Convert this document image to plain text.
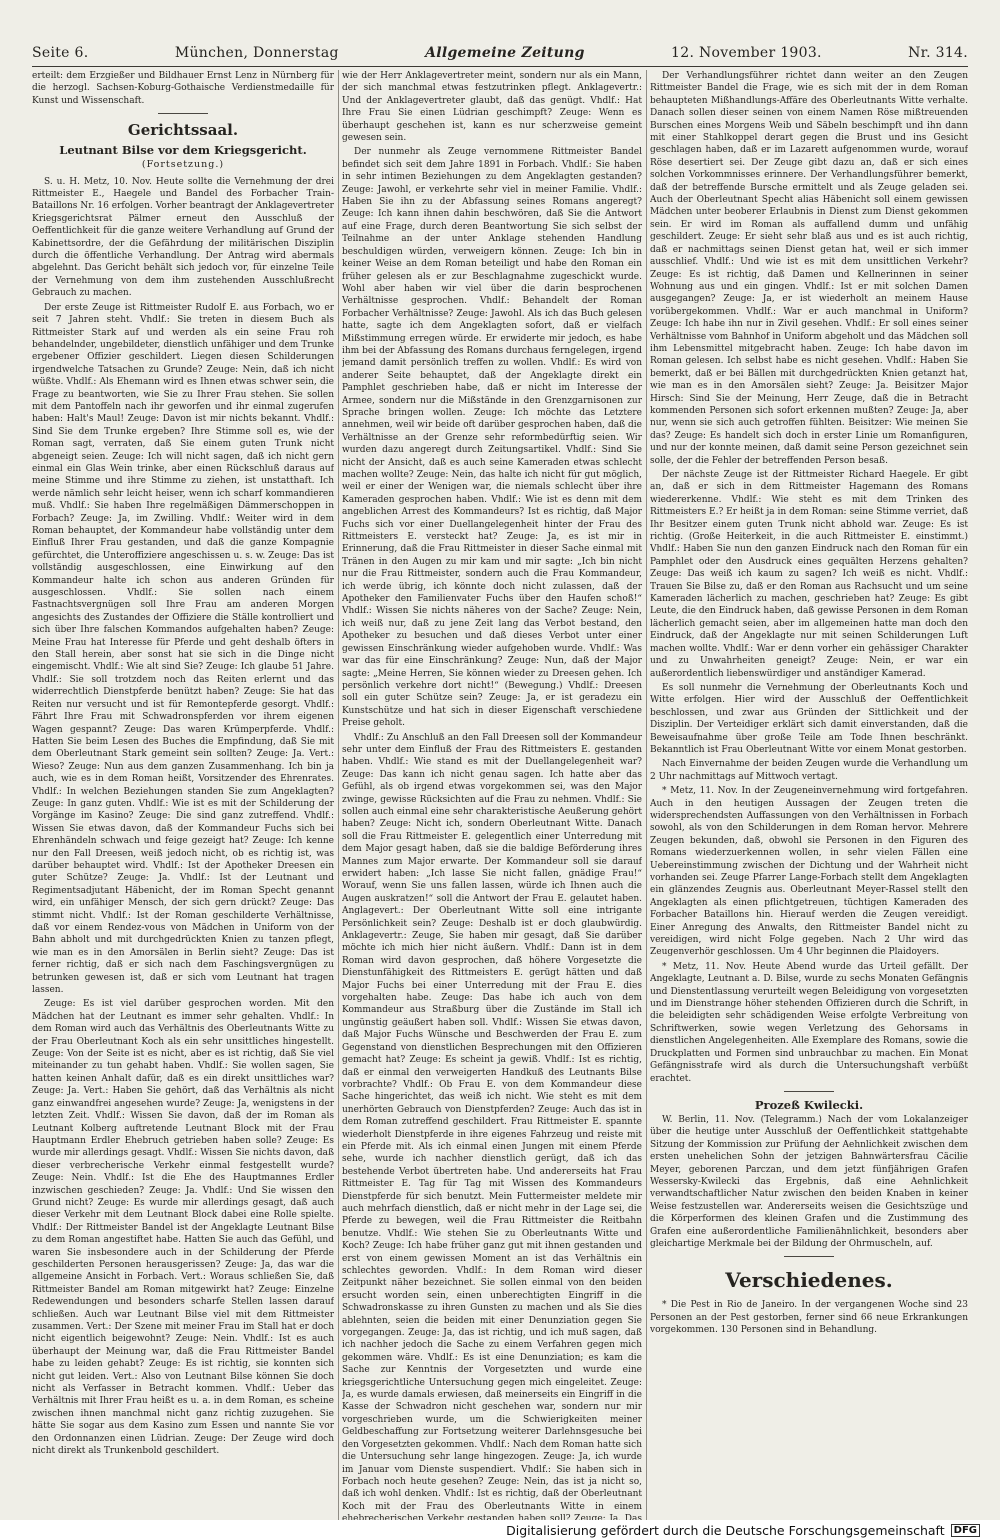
Seite 6.	München, Donnerstag	Allgemeine Zeitung	12. November 1903.	Nr. 314.

erteilt: dem Erzgießer und Bildhauer Ernst Lenz in Nürnberg für die herzogl. Sachsen-Koburg-Gothaische Verdienstmedaille für Kunst und Wissenschaft.

Gerichtssaal.
Leutnant Bilse vor dem Kriegsgericht.
(Fortsetzung.)

S. u. H. Metz, 10. Nov. Heute sollte die Vernehmung der drei Rittmeister E., Haegele und Bandel des Forbacher Train-Bataillons Nr. 16 erfolgen. Vorher beantragt der Anklagevertreter Kriegsgerichtsrat Pälmer erneut den Ausschluß der Oeffentlichkeit für die ganze weitere Verhandlung auf Grund der Kabinettsordre, der die Gefährdung der militärischen Disziplin durch die öffentliche Verhandlung. Der Antrag wird abermals abgelehnt. Das Gericht behält sich jedoch vor, für einzelne Teile der Vernehmung von dem ihm zustehenden Ausschlußrecht Gebrauch zu machen.

Der erste Zeuge ist Rittmeister Rudolf E. aus Forbach, wo er seit 7 Jahren steht. Vhdlf.: Sie treten in diesem Buch als Rittmeister Stark auf und werden als ein seine Frau roh behandelnder, ungebildeter, dienstlich unfähiger und dem Trunke ergebener Offizier geschildert. Liegen diesen Schilderungen irgendwelche Tatsachen zu Grunde? Zeuge: Nein, daß ich nicht wüßte. Vhdlf.: Als Ehemann wird es Ihnen etwas schwer sein, die Frage zu beantworten, wie Sie zu Ihrer Frau stehen. Sie sollen mit dem Pantoffeln nach ihr geworfen und ihr einmal zugerufen haben: Halt's Maul! Zeuge: Davon ist mir nichts bekannt. Vhdlf.: Sind Sie dem Trunke ergeben? Ihre Stimme soll es, wie der Roman sagt, verraten, daß Sie einem guten Trunk nicht abgeneigt seien. Zeuge: Ich will nicht sagen, daß ich nicht gern einmal ein Glas Wein trinke, aber einen Rückschluß daraus auf meine Stimme und ihre Stimme zu ziehen, ist unstatthaft. Ich werde nämlich sehr leicht heiser, wenn ich scharf kommandieren muß. Vhdlf.: Sie haben Ihre regelmäßigen Dämmerschoppen in Forbach? Zeuge: Ja, im Zwilling. Vhdlf.: Weiter wird in dem Roman behauptet, der Kommandeur habe vollständig unter dem Einfluß Ihrer Frau gestanden, und daß die ganze Kompagnie gefürchtet, die Unteroffiziere angeschissen u. s. w. Zeuge: Das ist vollständig ausgeschlossen, eine Einwirkung auf den Kommandeur halte ich schon aus anderen Gründen für ausgeschlossen. Vhdlf.: Sie sollen nach einem Fastnachtsvergnügen soll Ihre Frau am anderen Morgen angesichts des Zustandes der Offiziere die Ställe kontrolliert und sich über Ihre falschen Kommandos aufgehalten haben? Zeuge: Meine Frau hat Interesse für Pferde und geht deshalb öfters in den Stall herein, aber sonst hat sie sich in die Dinge nicht eingemischt. Vhdlf.: Wie alt sind Sie? Zeuge: Ich glaube 51 Jahre. Vhdlf.: Sie soll trotzdem noch das Reiten erlernt und das widerrechtlich Dienstpferde benützt haben? Zeuge: Sie hat das Reiten nur versucht und ist für Remontepferde gesorgt. Vhdlf.: Fährt Ihre Frau mit Schwadronspferden vor ihrem eigenen Wagen gespannt? Zeuge: Das waren Krümperpferde. Vhdlf.: Hatten Sie beim Lesen des Buches die Empfindung, daß Sie mit dem Oberleutnant Stark gemeint sein sollten? Zeuge: Ja. Vert.: Wieso? Zeuge: Nun aus dem ganzen Zusammenhang. Ich bin ja auch, wie es in dem Roman heißt, Vorsitzender des Ehrenrates. Vhdlf.: In welchen Beziehungen standen Sie zum Angeklagten? Zeuge: In ganz guten. Vhdlf.: Wie ist es mit der Schilderung der Vorgänge im Kasino? Zeuge: Die sind ganz zutreffend. Vhdlf.: Wissen Sie etwas davon, daß der Kommandeur Fuchs sich bei Ehrenhändeln schwach und feige gezeigt hat? Zeuge: Ich kenne nur den Fall Dreesen, weiß jedoch nicht, ob es richtig ist, was darüber behauptet wird. Vhdlf.: Ist der Apotheker Dreesen ein guter Schütze? Zeuge: Ja. Vhdlf.: Ist der Leutnant und Regimentsadjutant Häbenicht, der im Roman Specht genannt wird, ein unfähiger Mensch, der sich gern drückt? Zeuge: Das stimmt nicht. Vhdlf.: Ist der Roman geschilderte Verhältnisse, daß vor einem Rendez-vous von Mädchen in Uniform von der Bahn abholt und mit durchgedrückten Knien zu tanzen pflegt, wie man es in den Amorsälen in Berlin sieht? Zeuge: Das ist ferner richtig, daß er sich nach dem Faschingsvergnügen zu betrunken gewesen ist, daß er sich vom Leutnant hat tragen lassen.

Zeuge: Es ist viel darüber gesprochen worden. Mit den Mädchen hat der Leutnant es immer sehr gehalten. Vhdlf.: In dem Roman wird auch das Verhältnis des Oberleutnants Witte zu der Frau Oberleutnant Koch als ein sehr unsittliches hingestellt. Zeuge: Von der Seite ist es nicht, aber es ist richtig, daß Sie viel miteinander zu tun gehabt haben. Vhdlf.: Sie wollen sagen, Sie hatten keinen Anhalt dafür, daß es ein direkt unsittliches war? Zeuge: Ja. Vert.: Haben Sie gehört, daß das Verhältnis als nicht ganz einwandfrei angesehen wurde? Zeuge: Ja, wenigstens in der letzten Zeit. Vhdlf.: Wissen Sie davon, daß der im Roman als Leutnant Kolberg auftretende Leutnant Block mit der Frau Hauptmann Erdler Ehebruch getrieben haben solle? Zeuge: Es wurde mir allerdings gesagt. Vhdlf.: Wissen Sie nichts davon, daß dieser verbrecherische Verkehr einmal festgestellt wurde? Zeuge: Nein. Vhdlf.: Ist die Ehe des Hauptmannes Erdler inzwischen geschieden? Zeuge: Ja. Vhdlf.: Und Sie wissen den Grund nicht? Zeuge: Es wurde mir allerdings gesagt, daß auch dieser Verkehr mit dem Leutnant Block dabei eine Rolle spielte. Vhdlf.: Der Rittmeister Bandel ist der Angeklagte Leutnant Bilse zu dem Roman angestiftet habe. Hatten Sie auch das Gefühl, und waren Sie insbesondere auch in der Schilderung der Pferde geschilderten Personen herausgerissen? Zeuge: Ja, das war die allgemeine Ansicht in Forbach. Vert.: Woraus schließen Sie, daß Rittmeister Bandel am Roman mitgewirkt hat? Zeuge: Einzelne Redewendungen und besonders scharfe Stellen lassen darauf schließen. Auch war Leutnant Bilse viel mit dem Rittmeister zusammen. Vert.: Der Szene mit meiner Frau im Stall hat er doch nicht eigentlich beigewohnt? Zeuge: Nein. Vhdlf.: Ist es auch überhaupt der Meinung war, daß die Frau Rittmeister Bandel habe zu leiden gehabt? Zeuge: Es ist richtig, sie konnten sich nicht gut leiden. Vert.: Also von Leutnant Bilse können Sie doch nicht als Verfasser in Betracht kommen. Vhdlf.: Ueber das Verhältnis mit Ihrer Frau heißt es u. a. in dem Roman, es scheine zwischen ihnen manchmal nicht ganz richtig zuzugehen. Sie hätte Sie sogar aus dem Kasino zum Essen und nannte Sie vor den Ordonnanzen einen Lüdrian. Zeuge: Der Zeuge wird doch nicht direkt als Trunkenbold geschildert.

wie der Herr Anklagevertreter meint, sondern nur als ein Mann, der sich manchmal etwas festzutrinken pflegt. Anklagevertr.: Und der Anklagevertreter glaubt, daß das genügt. Vhdlf.: Hat Ihre Frau Sie einen Lüdrian geschimpft? Zeuge: Wenn es überhaupt geschehen ist, kann es nur scherzweise gemeint gewesen sein.

Der nunmehr als Zeuge vernommene Rittmeister Bandel befindet sich seit dem Jahre 1891 in Forbach. Vhdlf.: Sie haben in sehr intimen Beziehungen zu dem Angeklagten gestanden? Zeuge: Jawohl, er verkehrte sehr viel in meiner Familie. Vhdlf.: Haben Sie ihn zu der Abfassung seines Romans angeregt? Zeuge: Ich kann ihnen dahin beschwören, daß Sie die Antwort auf eine Frage, durch deren Beantwortung Sie sich selbst der Teilnahme an der unter Anklage stehenden Handlung beschuldigen würden, verweigern können. Zeuge: Ich bin in keiner Weise an dem Roman beteiligt und habe den Roman ein früher gelesen als er zur Beschlagnahme zugeschickt wurde. Wohl aber haben wir viel über die darin besprochenen Verhältnisse gesprochen. Vhdlf.: Behandelt der Roman Forbacher Verhältnisse? Zeuge: Jawohl. Als ich das Buch gelesen hatte, sagte ich dem Angeklagten sofort, daß er vielfach Mißstimmung erregen würde. Er erwiderte mir jedoch, es habe ihm bei der Abfassung des Romans durchaus ferngelegen, irgend jemand damit persönlich treffen zu wollen. Vhdlf.: Es wird von anderer Seite behauptet, daß der Angeklagte direkt ein Pamphlet geschrieben habe, daß er nicht im Interesse der Armee, sondern nur die Mißstände in den Grenzgarnisonen zur Sprache bringen wollen. Zeuge: Ich möchte das Letztere annehmen, weil wir beide oft darüber gesprochen haben, daß die Verhältnisse an der Grenze sehr reformbedürftig seien. Wir wurden dazu angeregt durch Zeitungsartikel. Vhdlf.: Sind Sie nicht der Ansicht, daß es auch seine Kameraden etwas schlecht machen wollte? Zeuge: Nein, das halte ich nicht für gut möglich, weil er einer der Wenigen war, die niemals schlecht über ihre Kameraden gesprochen haben. Vhdlf.: Wie ist es denn mit dem angeblichen Arrest des Kommandeurs? Ist es richtig, daß Major Fuchs sich vor einer Duellangelegenheit hinter der Frau des Rittmeisters E. versteckt hat? Zeuge: Ja, es ist mir in Erinnerung, daß die Frau Rittmeister in dieser Sache einmal mit Tränen in den Augen zu mir kam und mir sagte: „Ich bin nicht nur die Frau Rittmeister, sondern auch die Frau Kommandeur, ich werde übrig, ich könnte doch nicht zulassen, daß der Apotheker den Familienvater Fuchs über den Haufen schoß!“ Vhdlf.: Wissen Sie nichts näheres von der Sache? Zeuge: Nein, ich weiß nur, daß zu jene Zeit lang das Verbot bestand, den Apotheker zu besuchen und daß dieses Verbot unter einer gewissen Einschränkung wieder aufgehoben wurde. Vhdlf.: Was war das für eine Einschränkung? Zeuge: Nun, daß der Major sagte: „Meine Herren, Sie können wieder zu Dreesen gehen. Ich persönlich verkehre dort nicht!“ (Bewegung.) Vhdlf.: Dreesen soll ein guter Schütze sein? Zeuge: Ja, er ist geradezu ein Kunstschütze und hat sich in dieser Eigenschaft verschiedene Preise geholt.

Vhdlf.: Zu Anschluß an den Fall Dreesen soll der Kommandeur sehr unter dem Einfluß der Frau des Rittmeisters E. gestanden haben. Vhdlf.: Wie stand es mit der Duellangelegenheit war? Zeuge: Das kann ich nicht genau sagen. Ich hatte aber das Gefühl, als ob irgend etwas vorgekommen sei, was den Major zwinge, gewisse Rücksichten auf die Frau zu nehmen. Vhdlf.: Sie sollen auch einmal eine sehr charakteristische Aeußerung gehört haben? Zeuge: Nicht ich, sondern Oberleutnant Witte. Danach soll die Frau Rittmeister E. gelegentlich einer Unterredung mit dem Major gesagt haben, daß sie die baldige Beförderung ihres Mannes zum Major erwarte. Der Kommandeur soll sie darauf erwidert haben: „Ich lasse Sie nicht fallen, gnädige Frau!“ Worauf, wenn Sie uns fallen lassen, würde ich Ihnen auch die Augen auskratzen!“ soll die Antwort der Frau E. gelautet haben. Anglagevert.: Der Oberleutnant Witte soll eine intrigante Persönlichkeit sein? Zeuge: Deshalb ist er doch glaubwürdig. Anklagevertr.: Zeuge, Sie haben mir gesagt, daß Sie darüber möchte ich mich hier nicht äußern. Vhdlf.: Dann ist in dem Roman wird davon gesprochen, daß höhere Vorgesetzte die Dienstunfähigkeit des Rittmeisters E. gerügt hätten und daß Major Fuchs bei einer Unterredung mit der Frau E. dies vorgehalten habe. Zeuge: Das habe ich auch von dem Kommandeur aus Straßburg über die Zustände im Stall ich ungünstig geäußert haben soll. Vhdlf.: Wissen Sie etwas davon, daß Major Fuchs Wünsche und Beschwerden der Frau E. zum Gegenstand von dienstlichen Besprechungen mit den Offizieren gemacht hat? Zeuge: Es scheint ja gewiß. Vhdlf.: Ist es richtig, daß er einmal den verweigerten Handkuß des Leutnants Bilse vorbrachte? Vhdlf.: Ob Frau E. von dem Kommandeur diese Sache hingerichtet, das weiß ich nicht. Wie steht es mit dem unerhörten Gebrauch von Dienstpferden? Zeuge: Auch das ist in dem Roman zutreffend geschildert. Frau Rittmeister E. spannte wiederholt Dienstpferde in ihre eigenes Fahrzeug und reiste mit ein Pferde mit. Als ich einmal einen Jungen mit einem Pferde sehe, wurde ich nachher dienstlich gerügt, daß ich das bestehende Verbot übertreten habe. Und andererseits hat Frau Rittmeister E. Tag für Tag mit Wissen des Kommandeurs Dienstpferde für sich benutzt. Mein Futtermeister meldete mir auch mehrfach dienstlich, daß er nicht mehr in der Lage sei, die Pferde zu bewegen, weil die Frau Rittmeister die Reitbahn benutze. Vhdlf.: Wie stehen Sie zu Oberleutnants Witte und Koch? Zeuge: Ich habe früher ganz gut mit ihnen gestanden und erst von einem gewissen Moment an ist das Verhältnis ein schlechtes geworden. Vhdlf.: In dem Roman wird dieser Zeitpunkt näher bezeichnet. Sie sollen einmal von den beiden ersucht worden sein, einen unberechtigten Eingriff in die Schwadronskasse zu ihren Gunsten zu machen und als Sie dies ablehnten, seien die beiden mit einer Denunziation gegen Sie vorgegangen. Zeuge: Ja, das ist richtig, und ich muß sagen, daß ich nachher jedoch die Sache zu einem Verfahren gegen mich gekommen wäre. Vhdlf.: Es ist eine Denunziation; es kam die Sache zur Kenntnis der Vorgesetzten und wurde eine kriegsgerichtliche Untersuchung gegen mich eingeleitet. Zeuge: Ja, es wurde damals erwiesen, daß meinerseits ein Eingriff in die Kasse der Schwadron nicht geschehen war, sondern nur mir vorgeschrieben wurde, um die Schwierigkeiten meiner Geldbeschaffung zur Fortsetzung weiterer Darlehnsgesuche bei den Vorgesetzten gekommen. Vhdlf.: Nach dem Roman hatte sich die Untersuchung sehr lange hingezogen. Zeuge: Ja, ich wurde im Januar vom Dienste suspendiert. Vhdlf.: Sie haben sich in Forbach noch heute gesehen? Zeuge: Nein, das ist ja nicht so, daß ich wohl denken. Vhdlf.: Ist es richtig, daß der Oberleutnant Koch mit der Frau des Oberleutnants Witte in einem

Der Verhandlungsführer richtet dann weiter an den Zeugen Rittmeister Bandel die Frage, wie es sich mit der in dem Roman behaupteten Mißhandlungs-Affäre des Oberleutnants Witte verhalte. Danach sollen dieser seinen von einem Namen Röse mißtreuenden Burschen eines Morgens Weib und Säbeln beschimpft und ihn dann mit einer Stahlkoppel derart gegen die Brust und ins Gesicht geschlagen haben, daß er im Lazarett aufgenommen wurde, worauf Röse desertiert sei. Der Zeuge gibt dazu an, daß er sich eines solchen Vorkommnisses erinnere. Der Verhandlungsführer bemerkt, daß der betreffende Bursche ermittelt und als Zeuge geladen sei. Auch der Oberleutnant Specht alias Häbenicht soll einem gewissen Mädchen unter beoberer Erlaubnis in Dienst zum Dienst gekommen sein. Er wird im Roman als auffallend dumm und unfähig geschildert. Zeuge: Er sieht sehr blaß aus und es ist auch richtig, daß er nachmittags seinen Dienst getan hat, weil er sich immer ausschlief. Vhdlf.: Und wie ist es mit dem unsittlichen Verkehr? Zeuge: Es ist richtig, daß Damen und Kellnerinnen in seiner Wohnung aus und ein gingen. Vhdlf.: Ist er mit solchen Damen ausgegangen? Zeuge: Ja, er ist wiederholt an meinem Hause vorübergekommen. Vhdlf.: War er auch manchmal in Uniform? Zeuge: Ich habe ihn nur in Zivil gesehen. Vhdlf.: Er soll eines seiner Verhältnisse vom Bahnhof in Uniform abgeholt und das Mädchen soll ihm Lebensmittel mitgebracht haben. Zeuge: Ich habe davon im Roman gelesen. Ich selbst habe es nicht gesehen. Vhdlf.: Haben Sie bemerkt, daß er bei Bällen mit durchgedrückten Knien getanzt hat, wie man es in den Amorsälen sieht? Zeuge: Ja. Beisitzer Major Hirsch: Sind Sie der Meinung, Herr Zeuge, daß die in Betracht kommenden Personen sich sofort erkennen mußten? Zeuge: Ja, aber nur, wenn sie sich auch getroffen fühlten. Beisitzer: Wie meinen Sie das? Zeuge: Es handelt sich doch in erster Linie um Romanfiguren, und nur der konnte meinen, daß damit seine Person gezeichnet sein solle, der die Fehler der betreffenden Person besaß.

Der nächste Zeuge ist der Rittmeister Richard Haegele. Er gibt an, daß er sich in dem Rittmeister Hagemann des Romans wiedererkenne. Vhdlf.: Wie steht es mit dem Trinken des Rittmeisters E.? Er heißt ja in dem Roman: seine Stimme verriet, daß Ihr Besitzer einem guten Trunk nicht abhold war. Zeuge: Es ist richtig. (Große Heiterkeit, in die auch Rittmeister E. einstimmt.) Vhdlf.: Haben Sie nun den ganzen Eindruck nach den Roman für ein Pamphlet oder den Ausdruck eines gequälten Herzens gehalten? Zeuge: Das weiß ich kaum zu sagen? Ich weiß es nicht. Vhdlf.: Trauen Sie Bilse zu, daß er den Roman aus Rachsucht und um seine Kameraden lächerlich zu machen, geschrieben hat? Zeuge: Es gibt Leute, die den Eindruck haben, daß gewisse Personen in dem Roman lächerlich gemacht seien, aber im allgemeinen hatte man doch den Eindruck, daß der Angeklagte nur mit seinen Schilderungen Luft machen wollte. Vhdlf.: War er denn vorher ein gehässiger Charakter und zu Unwahrheiten geneigt? Zeuge: Nein, er war ein außerordentlich liebenswürdiger und anständiger Kamerad.

Es soll nunmehr die Vernehmung der Oberleutnants Koch und Witte erfolgen. Hier wird der Ausschluß der Oeffentlichkeit beschlossen, und zwar aus Gründen der Sittlichkeit und der Disziplin. Der Verteidiger erklärt sich damit einverstanden, daß die Beweisaufnahme über große Teile am Tode Ihnen beschränkt. Bekanntlich ist Frau Oberleutnant Witte vor einem Monat gestorben.

Nach Einvernahme der beiden Zeugen wurde die Verhandlung um 2 Uhr nachmittags auf Mittwoch vertagt.

* Metz, 11. Nov. In der Zeugeneinvernehmung wird fortgefahren. Auch in den heutigen Aussagen der Zeugen treten die widersprechendsten Auffassungen von den Verhältnissen in Forbach sowohl, als von den Schilderungen in dem Roman hervor. Mehrere Zeugen bekunden, daß, obwohl sie Personen in den Figuren des Romans wiederzuerkennen wollen, in sehr vielen Fällen eine Uebereinstimmung zwischen der Dichtung und der Wahrheit nicht vorhanden sei. Zeuge Pfarrer Lange-Forbach stellt dem Angeklagten ein glänzendes Zeugnis aus. Oberleutnant Meyer-Rassel stellt den Angeklagten als einen pflichtgetreuen, tüchtigen Kameraden des Forbacher Bataillons hin. Hierauf werden die Zeugen vereidigt. Einer Anregung des Anwalts, den Rittmeister Bandel nicht zu vereidigen, wird nicht Folge gegeben. Nach 2 Uhr wird das Zeugenverhör geschlossen. Um 4 Uhr beginnen die Plaidoyers.

* Metz, 11. Nov. Heute Abend wurde das Urteil gefällt. Der Angeklagte, Leutnant a. D. Bilse, wurde zu sechs Monaten Gefängnis und Dienstentlassung verurteilt wegen Beleidigung von vorgesetzten und im Dienstrange höher stehenden Offizieren durch die Schrift, in die beleidigten sehr schädigenden Weise erfolgte Verbreitung von Schriftwerken, sowie wegen Verletzung des Gehorsams in dienstlichen Angelegenheiten. Alle Exemplare des Romans, sowie die Druckplatten und Formen sind unbrauchbar zu machen. Ein Monat Gefängnisstrafe wird als durch die Untersuchungshaft verbüßt erachtet.

Prozeß Kwilecki.

W. Berlin, 11. Nov. (Telegramm.) Nach der vom Lokalanzeiger über die heutige unter Ausschluß der Oeffentlichkeit stattgehabte Sitzung der Kommission zur Prüfung der Aehnlichkeit zwischen dem ersten unehelichen Sohn der jetzigen Bahnwärtersfrau Cäcilie Meyer, geborenen Parczan, und dem jetzt fünfjährigen Grafen Wessersky-Kwilecki das Ergebnis, daß eine Aehnlichkeit verwandtschaftlicher Natur zwischen den beiden Knaben in keiner Weise festzustellen war. Andererseits weisen die Gesichtszüge und die Körperformen des kleinen Grafen und die Zustimmung des Grafen eine außerordentliche Familienähnlichkeit, besonders aber gleichartige Merkmale bei der Bildung der Ohrmuscheln, auf.

Verschiedenes.

* Die Pest in Rio de Janeiro. In der vergangenen Woche sind 23 Personen an der Pest gestorben, ferner sind 66 neue Erkrankungen vorgekommen. 130 Personen sind in Behandlung.

Digitalisierung gefördert durch die Deutsche Forschungsgemeinschaft DFG
